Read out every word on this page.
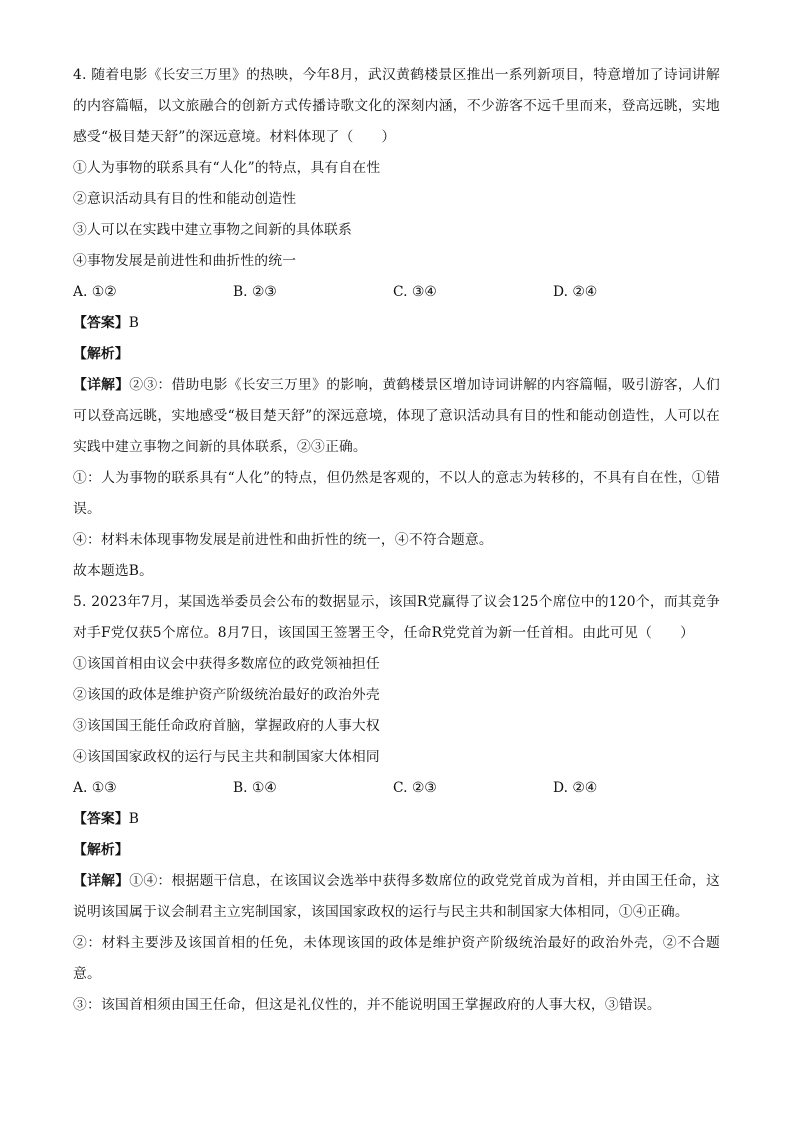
4. 随着电影《长安三万里》的热映，今年8月，武汉黄鹤楼景区推出一系列新项目，特意增加了诗词讲解的内容篇幅，以文旅融合的创新方式传播诗歌文化的深刻内涵，不少游客不远千里而来，登高远眺，实地感受“极目楚天舒”的深远意境。材料体现了（　　）

①人为事物的联系具有“人化”的特点，具有自在性
②意识活动具有目的性和能动创造性
③人可以在实践中建立事物之间新的具体联系
④事物发展是前进性和曲折性的统一
A. ①②	B. ②③	C. ③④	D. ②④
【答案】B
【解析】

【详解】②③：借助电影《长安三万里》的影响，黄鹤楼景区增加诗词讲解的内容篇幅，吸引游客，人们可以登高远眺，实地感受“极目楚天舒”的深远意境，体现了意识活动具有目的性和能动创造性，人可以在实践中建立事物之间新的具体联系，②③正确。

①：人为事物的联系具有“人化”的特点，但仍然是客观的，不以人的意志为转移的，不具有自在性，①错误。

④：材料未体现事物发展是前进性和曲折性的统一，④不符合题意。

故本题选B。

5. 2023年7月，某国选举委员会公布的数据显示，该国R党赢得了议会125个席位中的120个，而其竞争对手F党仅获5个席位。8月7日，该国国王签署王令，任命R党党首为新一任首相。由此可见（　　）

①该国首相由议会中获得多数席位的政党领袖担任
②该国的政体是维护资产阶级统治最好的政治外壳
③该国国王能任命政府首脑，掌握政府的人事大权
④该国国家政权的运行与民主共和制国家大体相同
A. ①③	B. ①④	C. ②③	D. ②④
【答案】B
【解析】

【详解】①④：根据题干信息，在该国议会选举中获得多数席位的政党党首成为首相，并由国王任命，这说明该国属于议会制君主立宪制国家，该国国家政权的运行与民主共和制国家大体相同，①④正确。

②：材料主要涉及该国首相的任免，未体现该国的政体是维护资产阶级统治最好的政治外壳，②不合题意。

③：该国首相须由国王任命，但这是礼仪性的，并不能说明国王掌握政府的人事大权，③错误。
